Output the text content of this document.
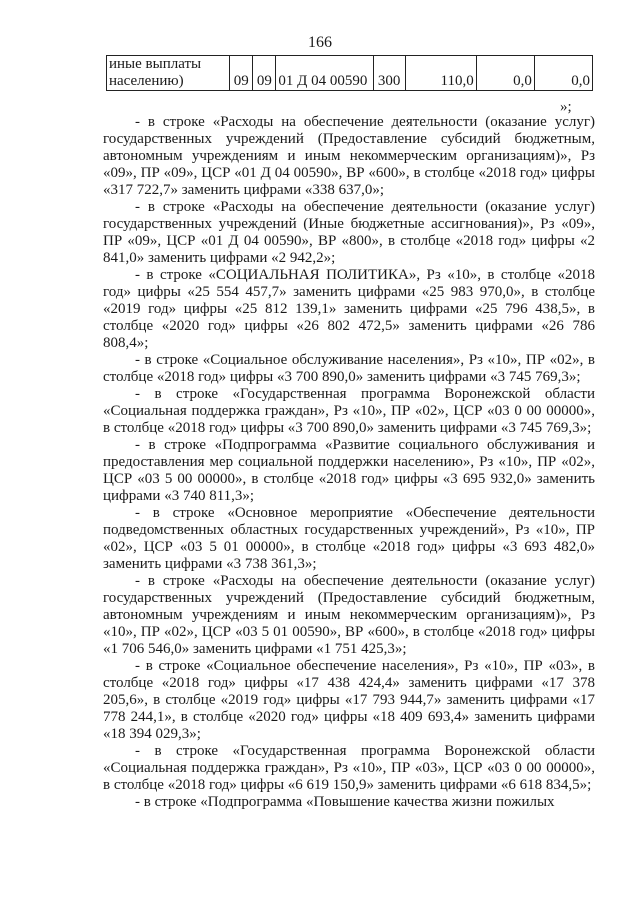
166
иные выплаты населению)	09	09	01 Д 04 00590	300	110,0	0,0	0,0
»;

- в строке «Расходы на обеспечение деятельности (оказание услуг) государственных учреждений (Предоставление субсидий бюджетным, автономным учреждениям и иным некоммерческим организациям)», Рз «09», ПР «09», ЦСР «01 Д 04 00590», ВР «600», в столбце «2018 год» цифры «317 722,7» заменить цифрами «338 637,0»;

- в строке «Расходы на обеспечение деятельности (оказание услуг) государственных учреждений (Иные бюджетные ассигнования)», Рз «09», ПР «09», ЦСР «01 Д 04 00590», ВР «800», в столбце «2018 год» цифры «2 841,0» заменить цифрами «2 942,2»;

- в строке «СОЦИАЛЬНАЯ ПОЛИТИКА», Рз «10», в столбце «2018 год» цифры «25 554 457,7» заменить цифрами «25 983 970,0», в столбце «2019 год» цифры «25 812 139,1» заменить цифрами «25 796 438,5», в столбце «2020 год» цифры «26 802 472,5» заменить цифрами «26 786 808,4»;

- в строке «Социальное обслуживание населения», Рз «10», ПР «02», в столбце «2018 год» цифры «3 700 890,0» заменить цифрами «3 745 769,3»;

- в строке «Государственная программа Воронежской области «Социальная поддержка граждан», Рз «10», ПР «02», ЦСР «03 0 00 00000», в столбце «2018 год» цифры «3 700 890,0» заменить цифрами «3 745 769,3»;

- в строке «Подпрограмма «Развитие социального обслуживания и предоставления мер социальной поддержки населению», Рз «10», ПР «02», ЦСР «03 5 00 00000», в столбце «2018 год» цифры «3 695 932,0» заменить цифрами «3 740 811,3»;

- в строке «Основное мероприятие «Обеспечение деятельности подведомственных областных государственных учреждений», Рз «10», ПР «02», ЦСР «03 5 01 00000», в столбце «2018 год» цифры «3 693 482,0» заменить цифрами «3 738 361,3»;

- в строке «Расходы на обеспечение деятельности (оказание услуг) государственных учреждений (Предоставление субсидий бюджетным, автономным учреждениям и иным некоммерческим организациям)», Рз «10», ПР «02», ЦСР «03 5 01 00590», ВР «600», в столбце «2018 год» цифры «1 706 546,0» заменить цифрами «1 751 425,3»;

- в строке «Социальное обеспечение населения», Рз «10», ПР «03», в столбце «2018 год» цифры «17 438 424,4» заменить цифрами «17 378 205,6», в столбце «2019 год» цифры «17 793 944,7» заменить цифрами «17 778 244,1», в столбце «2020 год» цифры «18 409 693,4» заменить цифрами «18 394 029,3»;

- в строке «Государственная программа Воронежской области «Социальная поддержка граждан», Рз «10», ПР «03», ЦСР «03 0 00 00000», в столбце «2018 год» цифры «6 619 150,9» заменить цифрами «6 618 834,5»;

- в строке «Подпрограмма «Повышение качества жизни пожилых
